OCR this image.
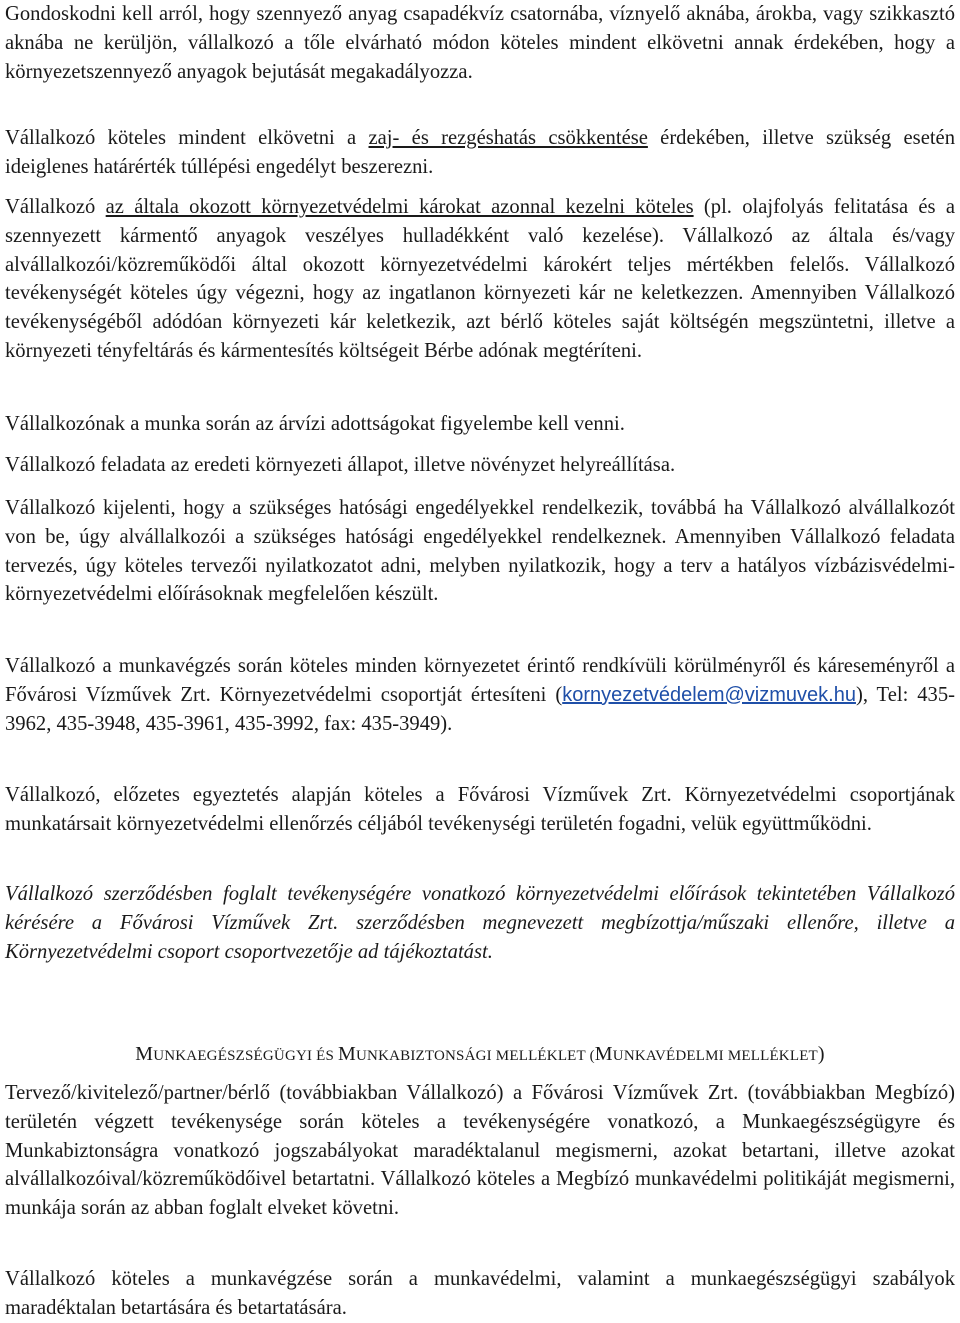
Gondoskodni kell arról, hogy szennyező anyag csapadékvíz csatornába, víznyelő aknába, árokba, vagy szikkasztó aknába ne kerüljön, vállalkozó a tőle elvárható módon köteles mindent elkövetni annak érdekében, hogy a környezetszennyező anyagok bejutását megakadályozza.

Vállalkozó köteles mindent elkövetni a zaj- és rezgéshatás csökkentése érdekében, illetve szükség esetén ideiglenes határérték túllépési engedélyt beszerezni.

Vállalkozó az általa okozott környezetvédelmi károkat azonnal kezelni köteles (pl. olajfolyás felitatása és a szennyezett kármentő anyagok veszélyes hulladékként való kezelése). Vállalkozó az általa és/vagy alvállalkozói/közreműködői által okozott környezetvédelmi károkért teljes mértékben felelős. Vállalkozó tevékenységét köteles úgy végezni, hogy az ingatlanon környezeti kár ne keletkezzen. Amennyiben Vállalkozó tevékenységéből adódóan környezeti kár keletkezik, azt bérlő köteles saját költségén megszüntetni, illetve a környezeti tényfeltárás és kármentesítés költségeit Bérbe adónak megtéríteni.

Vállalkozónak a munka során az árvízi adottságokat figyelembe kell venni.

Vállalkozó feladata az eredeti környezeti állapot, illetve növényzet helyreállítása.

Vállalkozó kijelenti, hogy a szükséges hatósági engedélyekkel rendelkezik, továbbá ha Vállalkozó alvállalkozót von be, úgy alvállalkozói a szükséges hatósági engedélyekkel rendelkeznek. Amennyiben Vállalkozó feladata tervezés, úgy köteles tervezői nyilatkozatot adni, melyben nyilatkozik, hogy a terv a hatályos vízbázisvédelmi- környezetvédelmi előírásoknak megfelelően készült.

Vállalkozó a munkavégzés során köteles minden környezetet érintő rendkívüli körülményről és káreseményről a Fővárosi Vízművek Zrt. Környezetvédelmi csoportját értesíteni (kornyezetvédelem@vizmuvek.hu), Tel: 435-3962, 435-3948, 435-3961, 435-3992, fax: 435-3949).

Vállalkozó, előzetes egyeztetés alapján köteles a Fővárosi Vízművek Zrt. Környezetvédelmi csoportjának munkatársait környezetvédelmi ellenőrzés céljából tevékenységi területén fogadni, velük együttműködni.

Vállalkozó szerződésben foglalt tevékenységére vonatkozó környezetvédelmi előírások tekintetében Vállalkozó kérésére a Fővárosi Vízművek Zrt. szerződésben megnevezett megbízottja/műszaki ellenőre, illetve a Környezetvédelmi csoport csoportvezetője ad tájékoztatást.

MUNKAEGÉSZSÉGÜGYI ÉS MUNKABIZTONSÁGI MELLÉKLET (MUNKAVÉDELMI MELLÉKLET)

Tervező/kivitelező/partner/bérlő (továbbiakban Vállalkozó) a Fővárosi Vízművek Zrt. (továbbiakban Megbízó) területén végzett tevékenysége során köteles a tevékenységére vonatkozó, a Munkaegészségügyre és Munkabiztonságra vonatkozó jogszabályokat maradéktalanul megismerni, azokat betartani, illetve azokat alvállalkozóival/közreműködőivel betartatni. Vállalkozó köteles a Megbízó munkavédelmi politikáját megismerni, munkája során az abban foglalt elveket követni.

Vállalkozó köteles a munkavégzése során a munkavédelmi, valamint a munkaegészségügyi szabályok maradéktalan betartására és betartatására.
